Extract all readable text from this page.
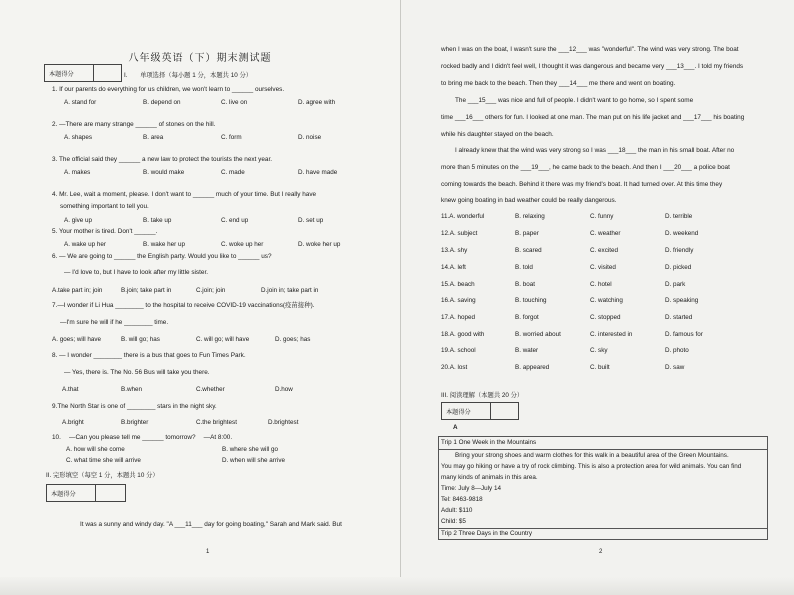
八年级英语（下）期末测试题
本题得分	I.　　单项选择（每小题 1 分，本题共 10 分）
1. If our parents do everything for us children, we won't learn to ______ ourselves.
A. stand for	B. depend on	C. live on	D. agree with
2. —There are many strange ______ of stones on the hill.
A. shapes	B. area	C. form	D. noise
3. The official said they ______ a new law to protect the tourists the next year.
A. makes	B. would make	C. made	D. have made
4. Mr. Lee, wait a moment, please. I don't want to ______ much of your time. But I really have
something important to tell you.
A. give up	B. take up	C. end up	D. set up
5. Your mother is tired. Don't ______.
A. wake up her	B. wake her up	C. woke up her	D. woke her up
6. — We are going to ______ the English party. Would you like to ______ us?
— I'd love to, but I have to look after my little sister.
A.take part in; join	B.join; take part in	C.join; join	D.join in; take part in
7.—I wonder if Li Hua ________ to the hospital to receive COVID-19 vaccinations(疫苗接种).
—I'm sure he will if he ________ time.
A. goes; will have	B. will go; has	C. will go; will have	D. goes; has
8. — I wonder ________ there is a bus that goes to Fun Times Park.
— Yes, there is. The No. 56 Bus will take you there.
A.that	B.when	C.whether	D.how
9.The North Star is one of ________ stars in the night sky.
A.bright	B.brighter	C.the brightest	D.brightest
10.　 —Can you please tell me ______ tomorrow?　 —At 8:00.
A. how will she come	B. where she will go
C. what time she will arrive	D. when will she arrive
II. 完形填空（每空 1 分，本题共 10 分）
本题得分
It was a sunny and windy day. "A ___11___ day for going boating," Sarah and Mark said. But
1
when I was on the boat, I wasn't sure the ___12___ was "wonderful". The wind was very strong. The boat
rocked badly and I didn't feel well, I thought it was dangerous and became very ___13___. I told my friends
to bring me back to the beach. Then they ___14___ me there and went on boating.
The ___15___ was nice and full of people. I didn't want to go home, so I spent some
time ___16___ others for fun. I looked at one man. The man put on his life jacket and ___17___ his boating
while his daughter stayed on the beach.
I already knew that the wind was very strong so I was ___18___ the man in his small boat. After no
more than 5 minutes on the ___19___, he came back to the beach. And then I ___20___ a police boat
coming towards the beach. Behind it there was my friend's boat. It had turned over. At this time they
knew going boating in bad weather could be really dangerous.
11.A. wonderful	B. relaxing	C. funny	D. terrible
12.A. subject	B. paper	C. weather	D. weekend
13.A. shy	B. scared	C. excited	D. friendly
14.A. left	B. told	C. visited	D. picked
15.A. beach	B. boat	C. hotel	D. park
16.A. saving	B. touching	C. watching	D. speaking
17.A. hoped	B. forgot	C. stopped	D. started
18.A. good with	B. worried about	C. interested in	D. famous for
19.A. school	B. water	C. sky	D. photo
20.A. lost	B. appeared	C. built	D. saw
III. 阅读理解（本题共 20 分）
本题得分
A
2
Trip 1 One Week in the Mountains
Bring your strong shoes and warm clothes for this walk in a beautiful area of the Green Mountains.
You may go hiking or have a try of rock climbing. This is also a protection area for wild animals. You can find
many kinds of animals in this area.
Time: July 8—July 14
Tel: 8463-9818
Adult: $110
Child: $5
Trip 2 Three Days in the Country
